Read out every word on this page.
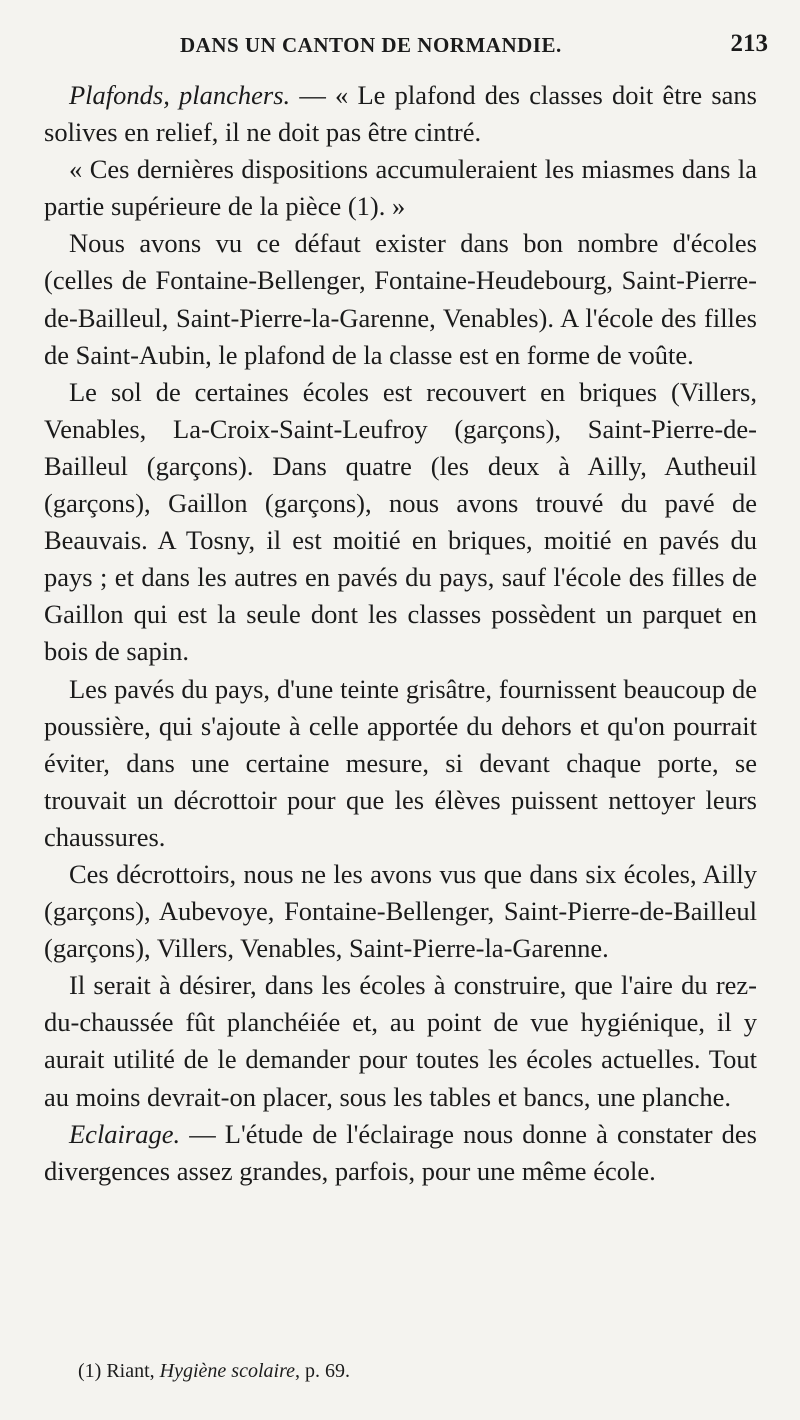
DANS UN CANTON DE NORMANDIE.	213

Plafonds, planchers. — « Le plafond des classes doit être sans solives en relief, il ne doit pas être cintré.

« Ces dernières dispositions accumuleraient les miasmes dans la partie supérieure de la pièce (1). »

Nous avons vu ce défaut exister dans bon nombre d'écoles (celles de Fontaine-Bellenger, Fontaine-Heudebourg, Saint-Pierre-de-Bailleul, Saint-Pierre-la-Garenne, Venables). A l'école des filles de Saint-Aubin, le plafond de la classe est en forme de voûte.

Le sol de certaines écoles est recouvert en briques (Villers, Venables, La-Croix-Saint-Leufroy (garçons), Saint-Pierre-de-Bailleul (garçons). Dans quatre (les deux à Ailly, Autheuil (garçons), Gaillon (garçons), nous avons trouvé du pavé de Beauvais. A Tosny, il est moitié en briques, moitié en pavés du pays ; et dans les autres en pavés du pays, sauf l'école des filles de Gaillon qui est la seule dont les classes possèdent un parquet en bois de sapin.

Les pavés du pays, d'une teinte grisâtre, fournissent beaucoup de poussière, qui s'ajoute à celle apportée du dehors et qu'on pourrait éviter, dans une certaine mesure, si devant chaque porte, se trouvait un décrottoir pour que les élèves puissent nettoyer leurs chaussures.

Ces décrottoirs, nous ne les avons vus que dans six écoles, Ailly (garçons), Aubevoye, Fontaine-Bellenger, Saint-Pierre-de-Bailleul (garçons), Villers, Venables, Saint-Pierre-la-Garenne.

Il serait à désirer, dans les écoles à construire, que l'aire du rez-du-chaussée fût planchéiée et, au point de vue hygiénique, il y aurait utilité de le demander pour toutes les écoles actuelles. Tout au moins devrait-on placer, sous les tables et bancs, une planche.

Eclairage. — L'étude de l'éclairage nous donne à constater des divergences assez grandes, parfois, pour une même école.

(1) Riant, Hygiène scolaire, p. 69.
